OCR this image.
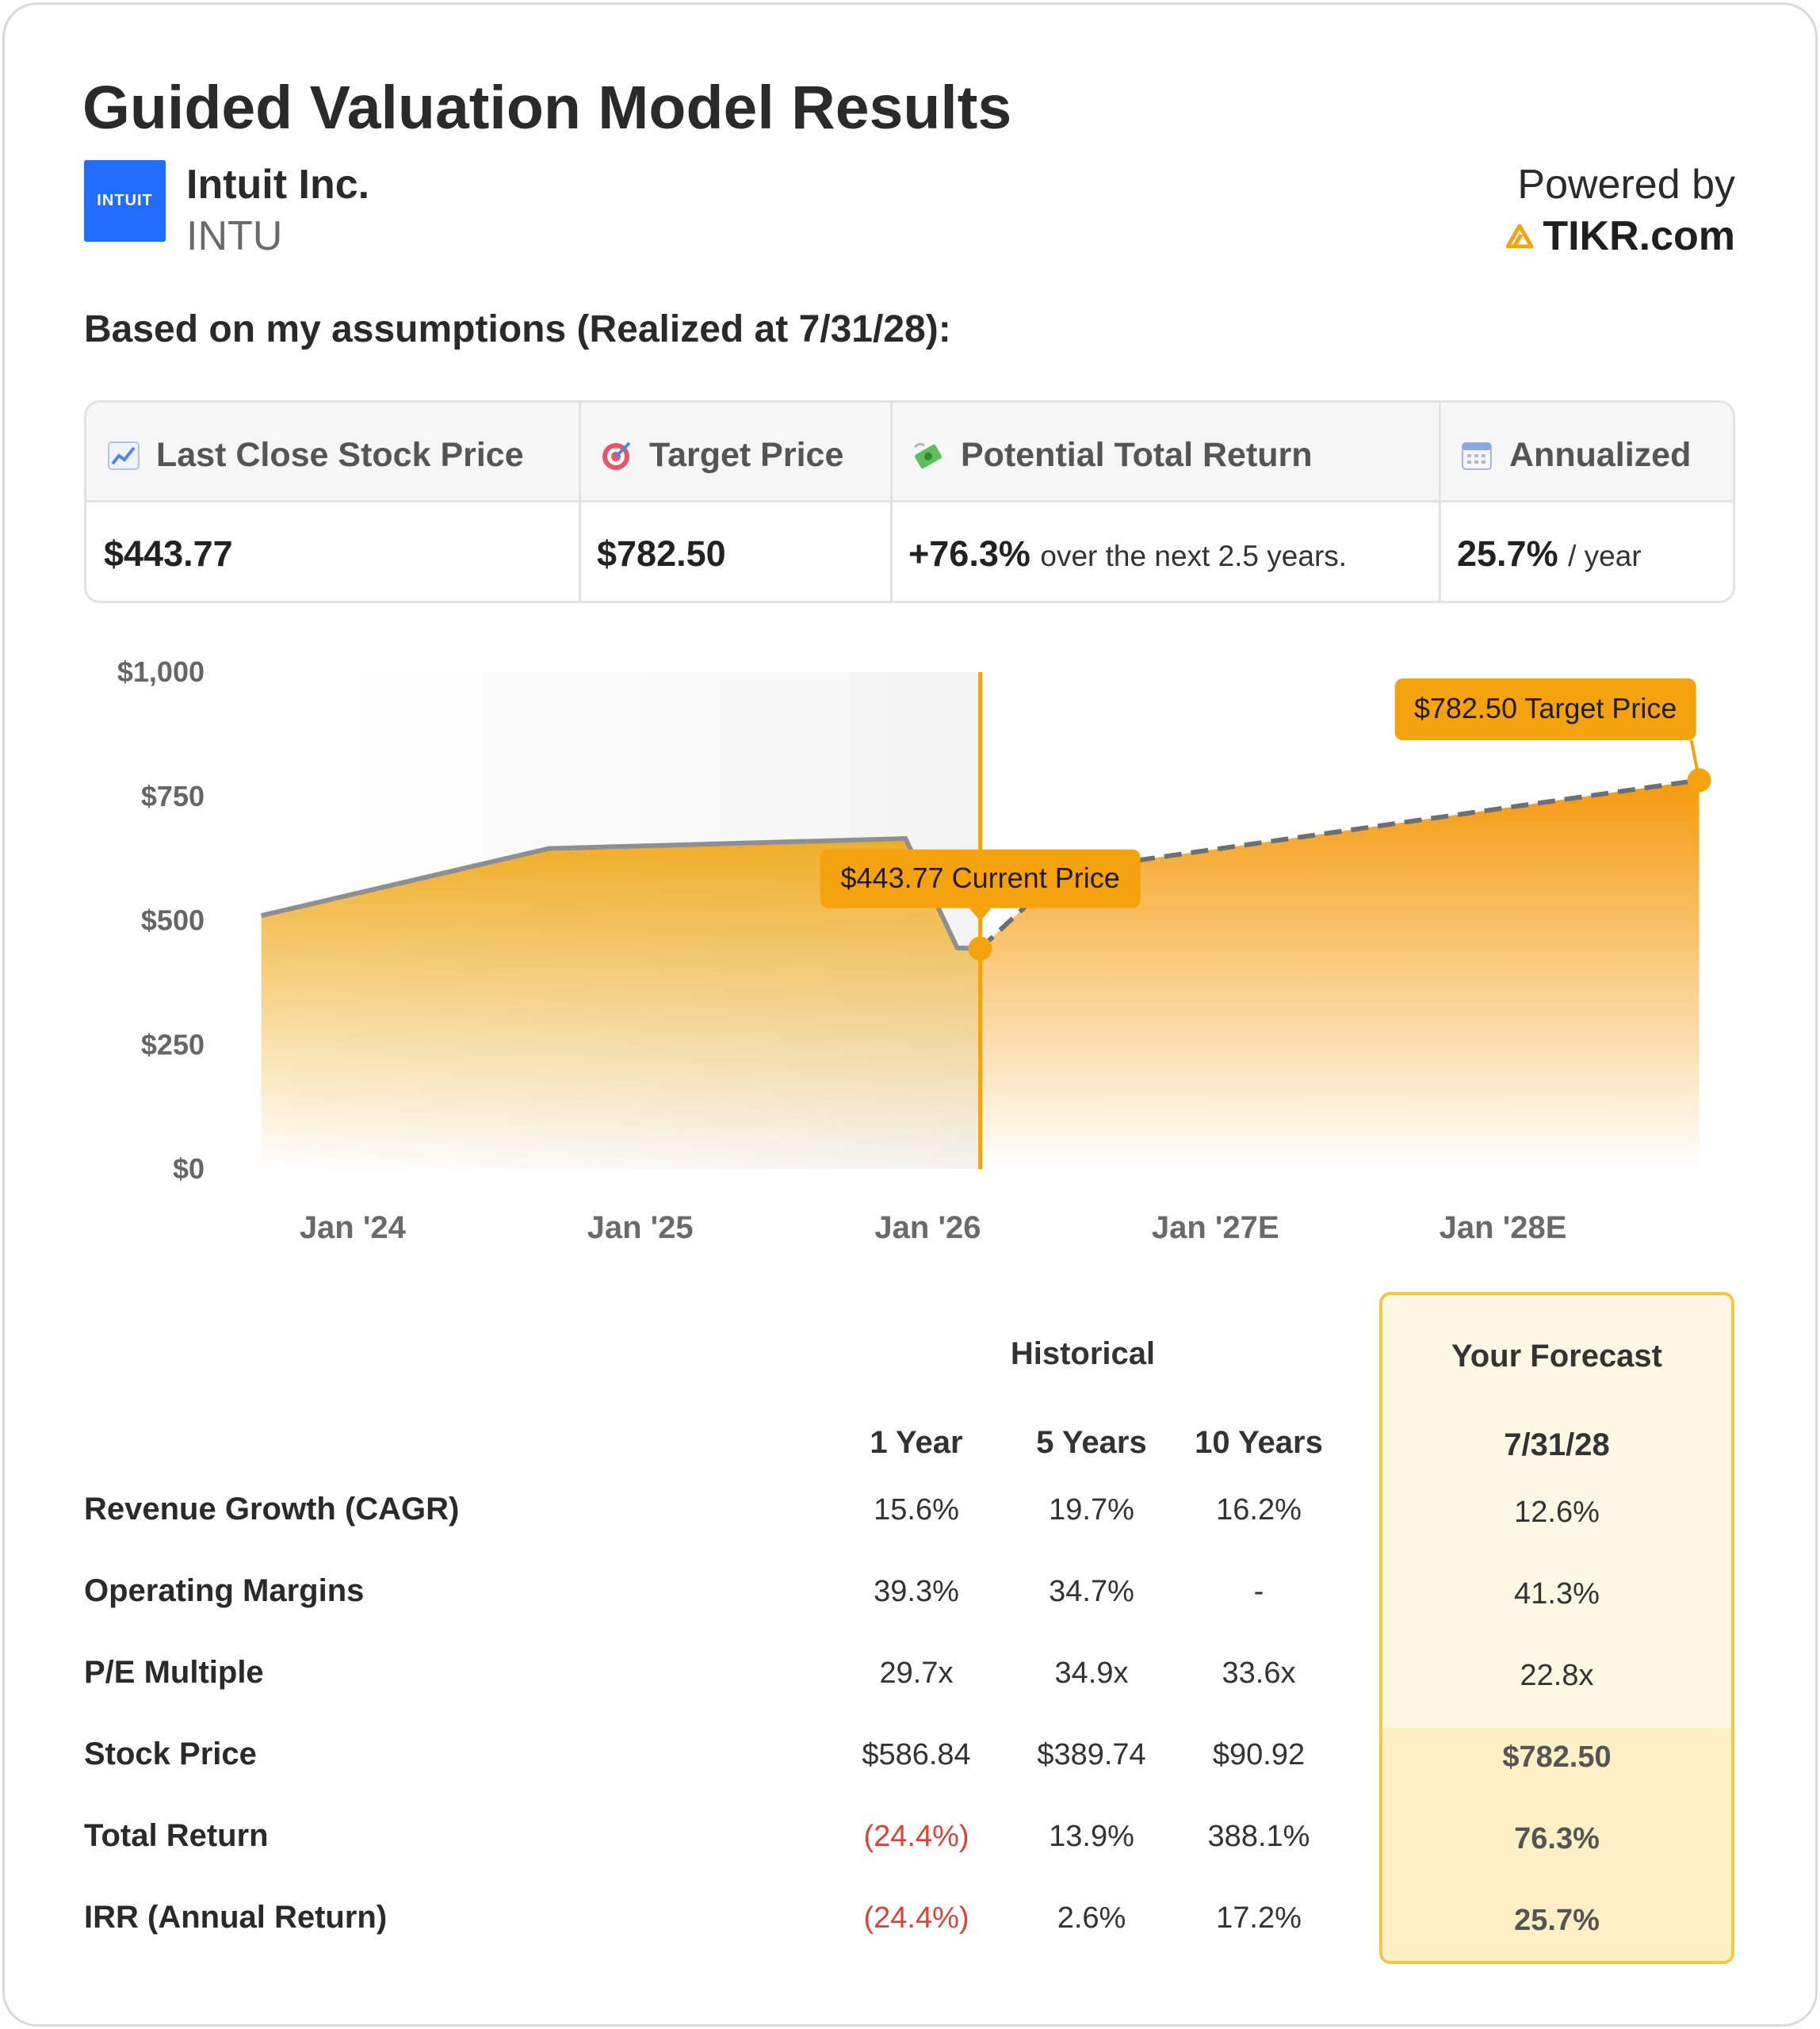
Guided Valuation Model Results
INTUIT Intuit Inc.
INTU
Powered by
TIKR.com
Based on my assumptions (Realized at 7/31/28):
Last Close Stock Price	Target Price	Potential Total Return	Annualized
$443.77	$782.50	+76.3% over the next 2.5 years.	25.7% / year
$1,000
$750
$500
$250
$0
Jan '24	Jan '25	Jan '26	Jan '27E	Jan '28E
$443.77 Current Price
$782.50 Target Price
Historical	Your Forecast
1 Year	5 Years	10 Years	7/31/28
Revenue Growth (CAGR)	15.6%	19.7%	16.2%	12.6%
Operating Margins	39.3%	34.7%	-	41.3%
P/E Multiple	29.7x	34.9x	33.6x	22.8x
Stock Price	$586.84	$389.74	$90.92	$782.50
Total Return	(24.4%)	13.9%	388.1%	76.3%
IRR (Annual Return)	(24.4%)	2.6%	17.2%	25.7%
